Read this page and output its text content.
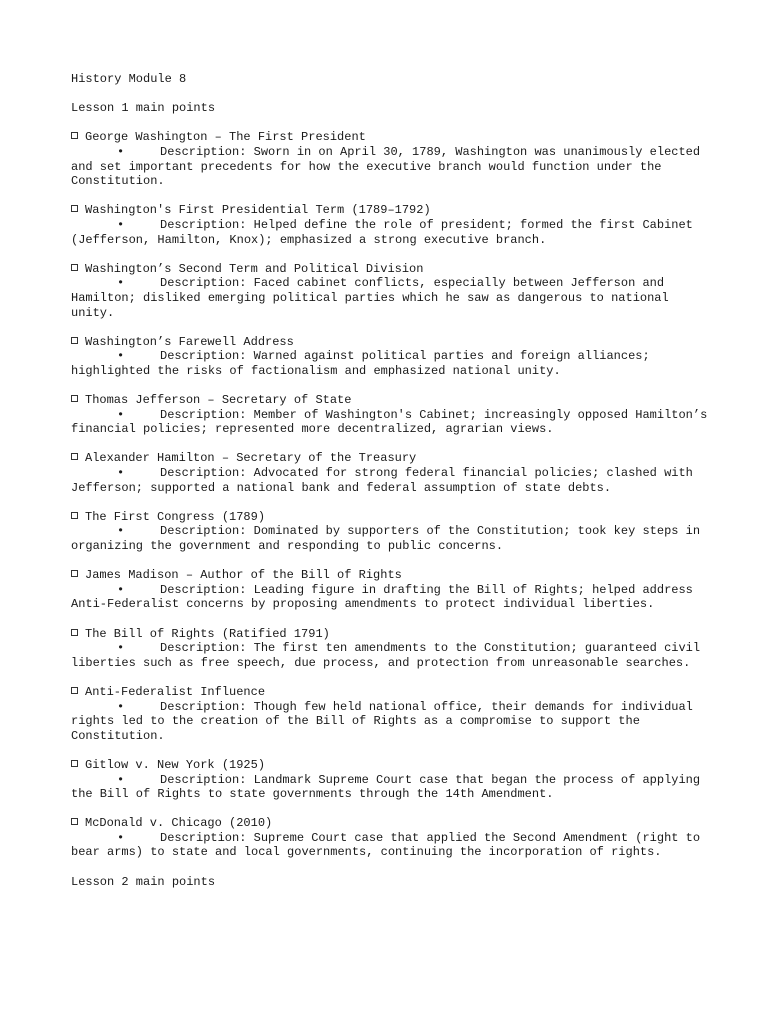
History Module 8
Lesson 1 main points
George Washington – The First President
•	Description: Sworn in on April 30, 1789, Washington was unanimously elected and set important precedents for how the executive branch would function under the Constitution.
Washington's First Presidential Term (1789–1792)
•	Description: Helped define the role of president; formed the first Cabinet (Jefferson, Hamilton, Knox); emphasized a strong executive branch.
Washington’s Second Term and Political Division
•	Description: Faced cabinet conflicts, especially between Jefferson and Hamilton; disliked emerging political parties which he saw as dangerous to national unity.
Washington’s Farewell Address
•	Description: Warned against political parties and foreign alliances; highlighted the risks of factionalism and emphasized national unity.
Thomas Jefferson – Secretary of State
•	Description: Member of Washington's Cabinet; increasingly opposed Hamilton’s financial policies; represented more decentralized, agrarian views.
Alexander Hamilton – Secretary of the Treasury
•	Description: Advocated for strong federal financial policies; clashed with Jefferson; supported a national bank and federal assumption of state debts.
The First Congress (1789)
•	Description: Dominated by supporters of the Constitution; took key steps in organizing the government and responding to public concerns.
James Madison – Author of the Bill of Rights
•	Description: Leading figure in drafting the Bill of Rights; helped address Anti-Federalist concerns by proposing amendments to protect individual liberties.
The Bill of Rights (Ratified 1791)
•	Description: The first ten amendments to the Constitution; guaranteed civil liberties such as free speech, due process, and protection from unreasonable searches.
Anti-Federalist Influence
•	Description: Though few held national office, their demands for individual rights led to the creation of the Bill of Rights as a compromise to support the Constitution.
Gitlow v. New York (1925)
•	Description: Landmark Supreme Court case that began the process of applying the Bill of Rights to state governments through the 14th Amendment.
McDonald v. Chicago (2010)
•	Description: Supreme Court case that applied the Second Amendment (right to bear arms) to state and local governments, continuing the incorporation of rights.
Lesson 2 main points
